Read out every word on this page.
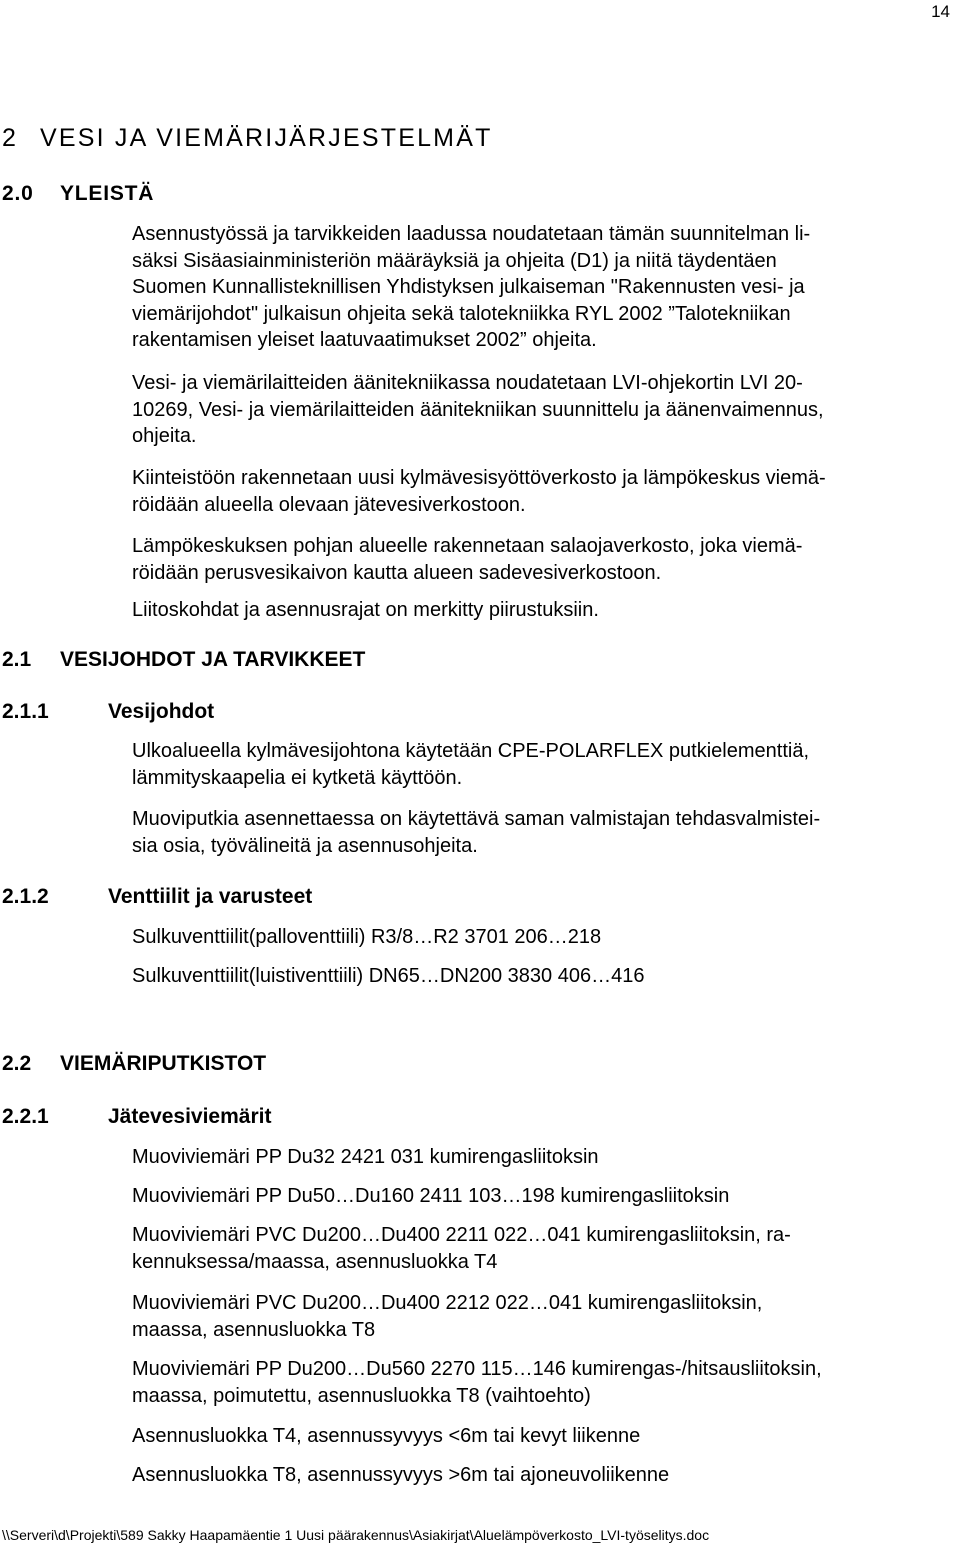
14
2 VESI JA VIEMÄRIJÄRJESTELMÄT
2.0 YLEISTÄ
Asennustyössä ja tarvikkeiden laadussa noudatetaan tämän suunnitelman li-
säksi Sisäasiainministeriön määräyksiä ja ohjeita (D1) ja niitä täydentäen
Suomen Kunnallisteknillisen Yhdistyksen julkaiseman "Rakennusten vesi- ja
viemärijohdot" julkaisun ohjeita sekä talotekniikka RYL 2002 ”Talotekniikan
rakentamisen yleiset laatuvaatimukset 2002” ohjeita.
Vesi- ja viemärilaitteiden äänitekniikassa noudatetaan LVI-ohjekortin LVI 20-
10269, Vesi- ja viemärilaitteiden äänitekniikan suunnittelu ja äänenvaimennus,
ohjeita.
Kiinteistöön rakennetaan uusi kylmävesisyöttöverkosto ja lämpökeskus viemä-
röidään alueella olevaan jätevesiverkostoon.
Lämpökeskuksen pohjan alueelle rakennetaan salaojaverkosto, joka viemä-
röidään perusvesikaivon kautta alueen sadevesiverkostoon.
Liitoskohdat ja asennusrajat on merkitty piirustuksiin.
2.1 VESIJOHDOT JA TARVIKKEET
2.1.1	Vesijohdot
Ulkoalueella kylmävesijohtona käytetään CPE-POLARFLEX putkielementtiä,
lämmityskaapelia ei kytketä käyttöön.
Muoviputkia asennettaessa on käytettävä saman valmistajan tehdasvalmistei-
sia osia, työvälineitä ja asennusohjeita.
2.1.2	Venttiilit ja varusteet
Sulkuventtiilit(palloventtiili) R3/8…R2 3701 206…218
Sulkuventtiilit(luistiventtiili) DN65…DN200 3830 406…416
2.2 VIEMÄRIPUTKISTOT
2.2.1	Jätevesiviemärit
Muoviviemäri PP Du32 2421 031 kumirengasliitoksin
Muoviviemäri PP Du50…Du160 2411 103…198 kumirengasliitoksin
Muoviviemäri PVC Du200…Du400 2211 022…041 kumirengasliitoksin, ra-
kennuksessa/maassa, asennusluokka T4
Muoviviemäri PVC Du200…Du400 2212 022…041 kumirengasliitoksin,
maassa, asennusluokka T8
Muoviviemäri PP Du200…Du560 2270 115…146 kumirengas-/hitsausliitoksin,
maassa, poimutettu, asennusluokka T8 (vaihtoehto)
Asennusluokka T4, asennussyvyys <6m tai kevyt liikenne
Asennusluokka T8, asennussyvyys >6m tai ajoneuvoliikenne
\\Serveri\d\Projekti\589 Sakky Haapamäentie 1 Uusi päärakennus\Asiakirjat\Aluelämpöverkosto_LVI-työselitys.doc
